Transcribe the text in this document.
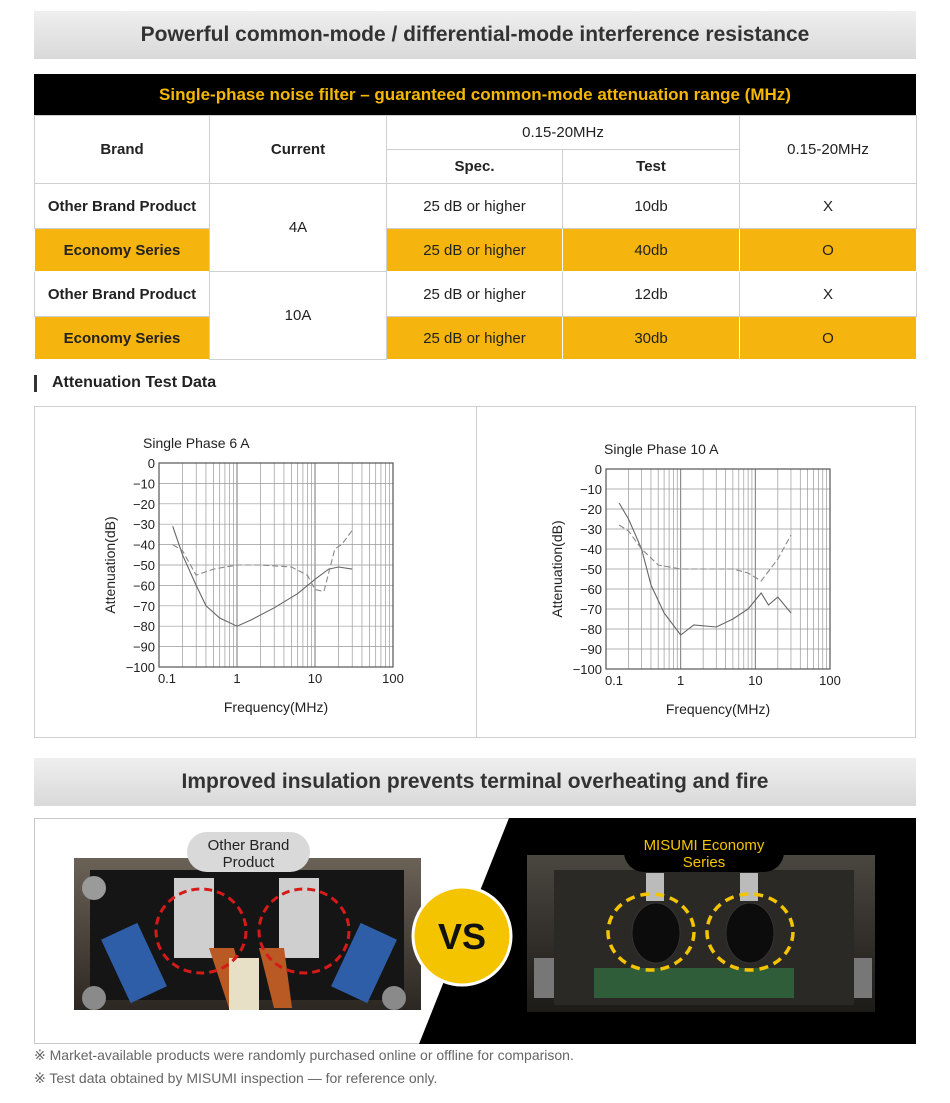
Powerful common-mode / differential-mode interference resistance
Single-phase noise filter – guaranteed common-mode attenuation range (MHz)
Brand	Current	0.15-20MHz		0.15-20MHz
		Spec.	Test	
Other Brand Product	4A	25 dB or higher	10db	X
Economy Series		25 dB or higher	40db	O
Other Brand Product	10A	25 dB or higher	12db	X
Economy Series		25 dB or higher	30db	O
Attenuation Test Data
Single Phase 6 A
0
−10
−20
−30
−40
−50
−60
−70
−80
−90
−100
0.1	1	10	100
Frequency(MHz)
Attenuation(dB)
Single Phase 10 A
0
−10
−20
−30
−40
−50
−60
−70
−80
−90
−100
0.1	1	10	100
Frequency(MHz)
Attenuation(dB)
Improved insulation prevents terminal overheating and fire
Other Brand
Product
MISUMI Economy
Series
VS
※ Market-available products were randomly purchased online or offline for comparison.
※ Test data obtained by MISUMI inspection — for reference only.
